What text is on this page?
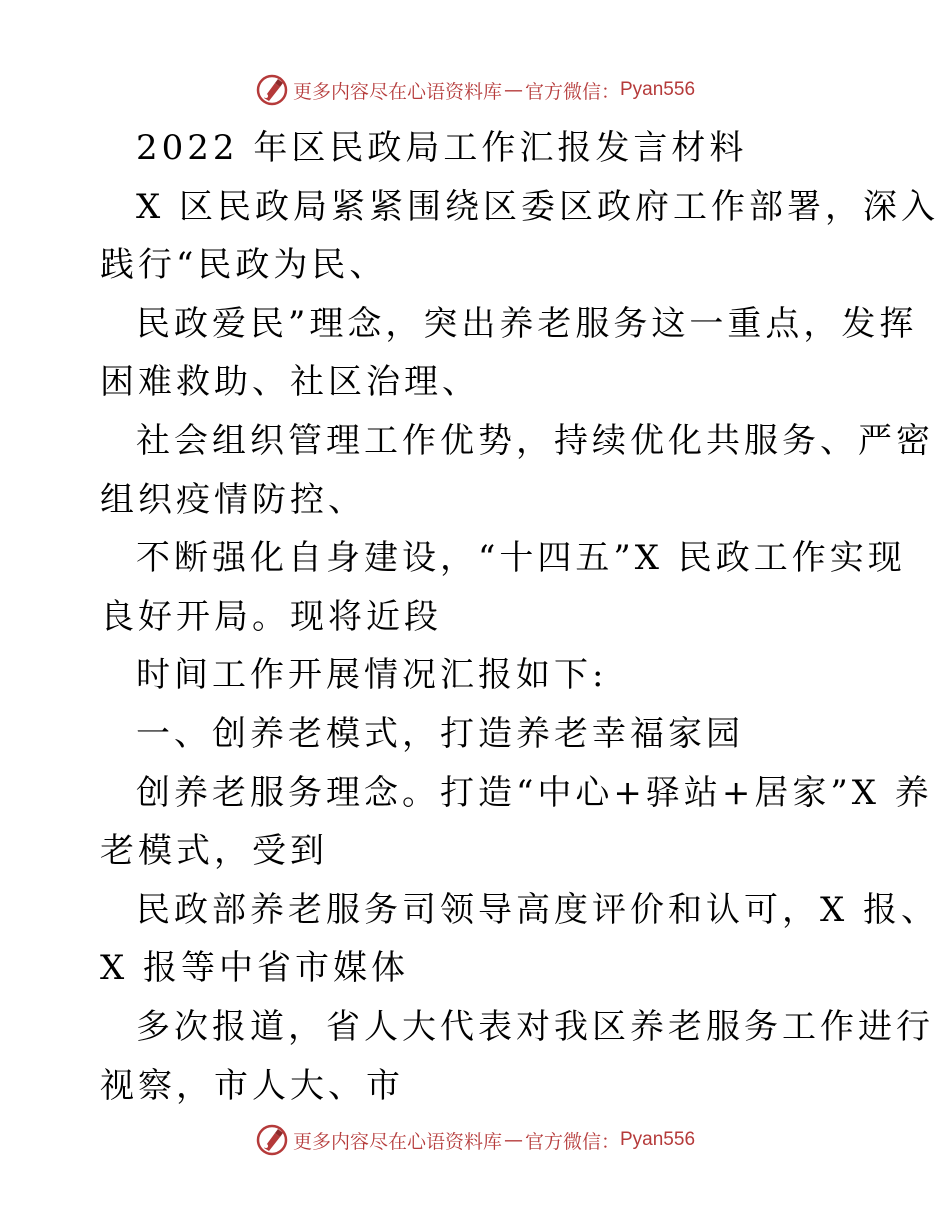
更多内容尽在心语资料库 — 官方微信： Pyan556
2022 年区民政局工作汇报发言材料
X 区民政局紧紧围绕区委区政府工作部署，深入
践行“民政为民、
民政爱民”理念，突出养老服务这一重点，发挥
困难救助、社区治理、
社会组织管理工作优势，持续优化共服务、严密
组织疫情防控、
不断强化自身建设，“十四五”X 民政工作实现
良好开局。现将近段
时间工作开展情况汇报如下:
一、创养老模式，打造养老幸福家园
创养老服务理念。打造“中心+驿站+居家”X 养
老模式，受到
民政部养老服务司领导高度评价和认可，X 报、
X 报等中省市媒体
多次报道，省人大代表对我区养老服务工作进行
视察，市人大、市
更多内容尽在心语资料库 — 官方微信： Pyan556
